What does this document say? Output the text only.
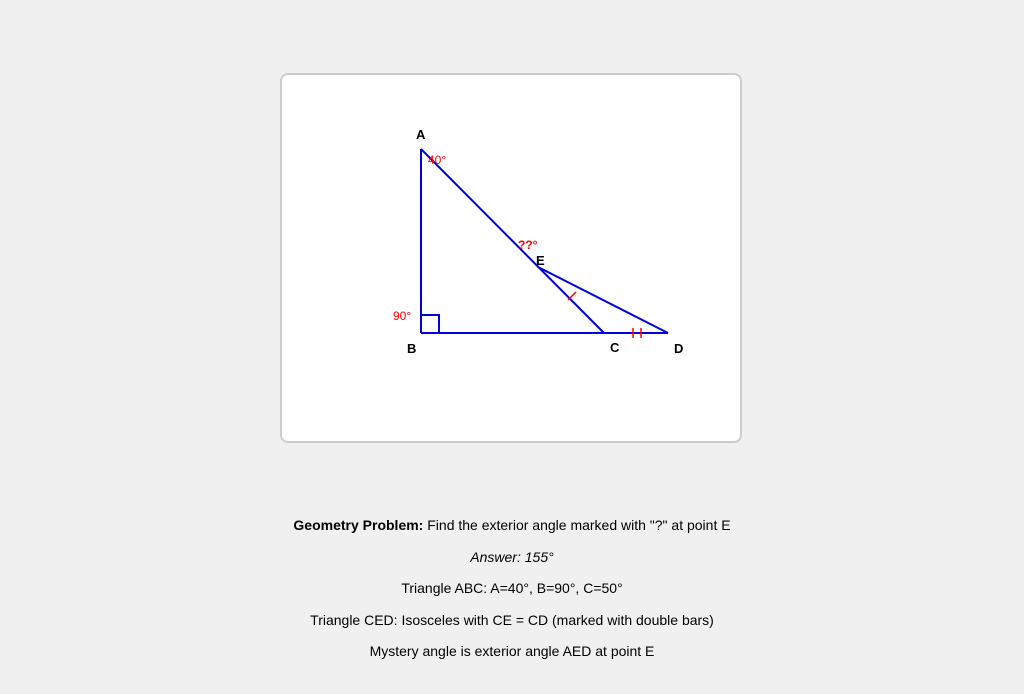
A
B	C	D
E
40°
90°
??°

Geometry Problem: Find the exterior angle marked with "?" at point E

Answer: 155°

Triangle ABC: A=40°, B=90°, C=50°

Triangle CED: Isosceles with CE = CD (marked with double bars)

Mystery angle is exterior angle AED at point E
